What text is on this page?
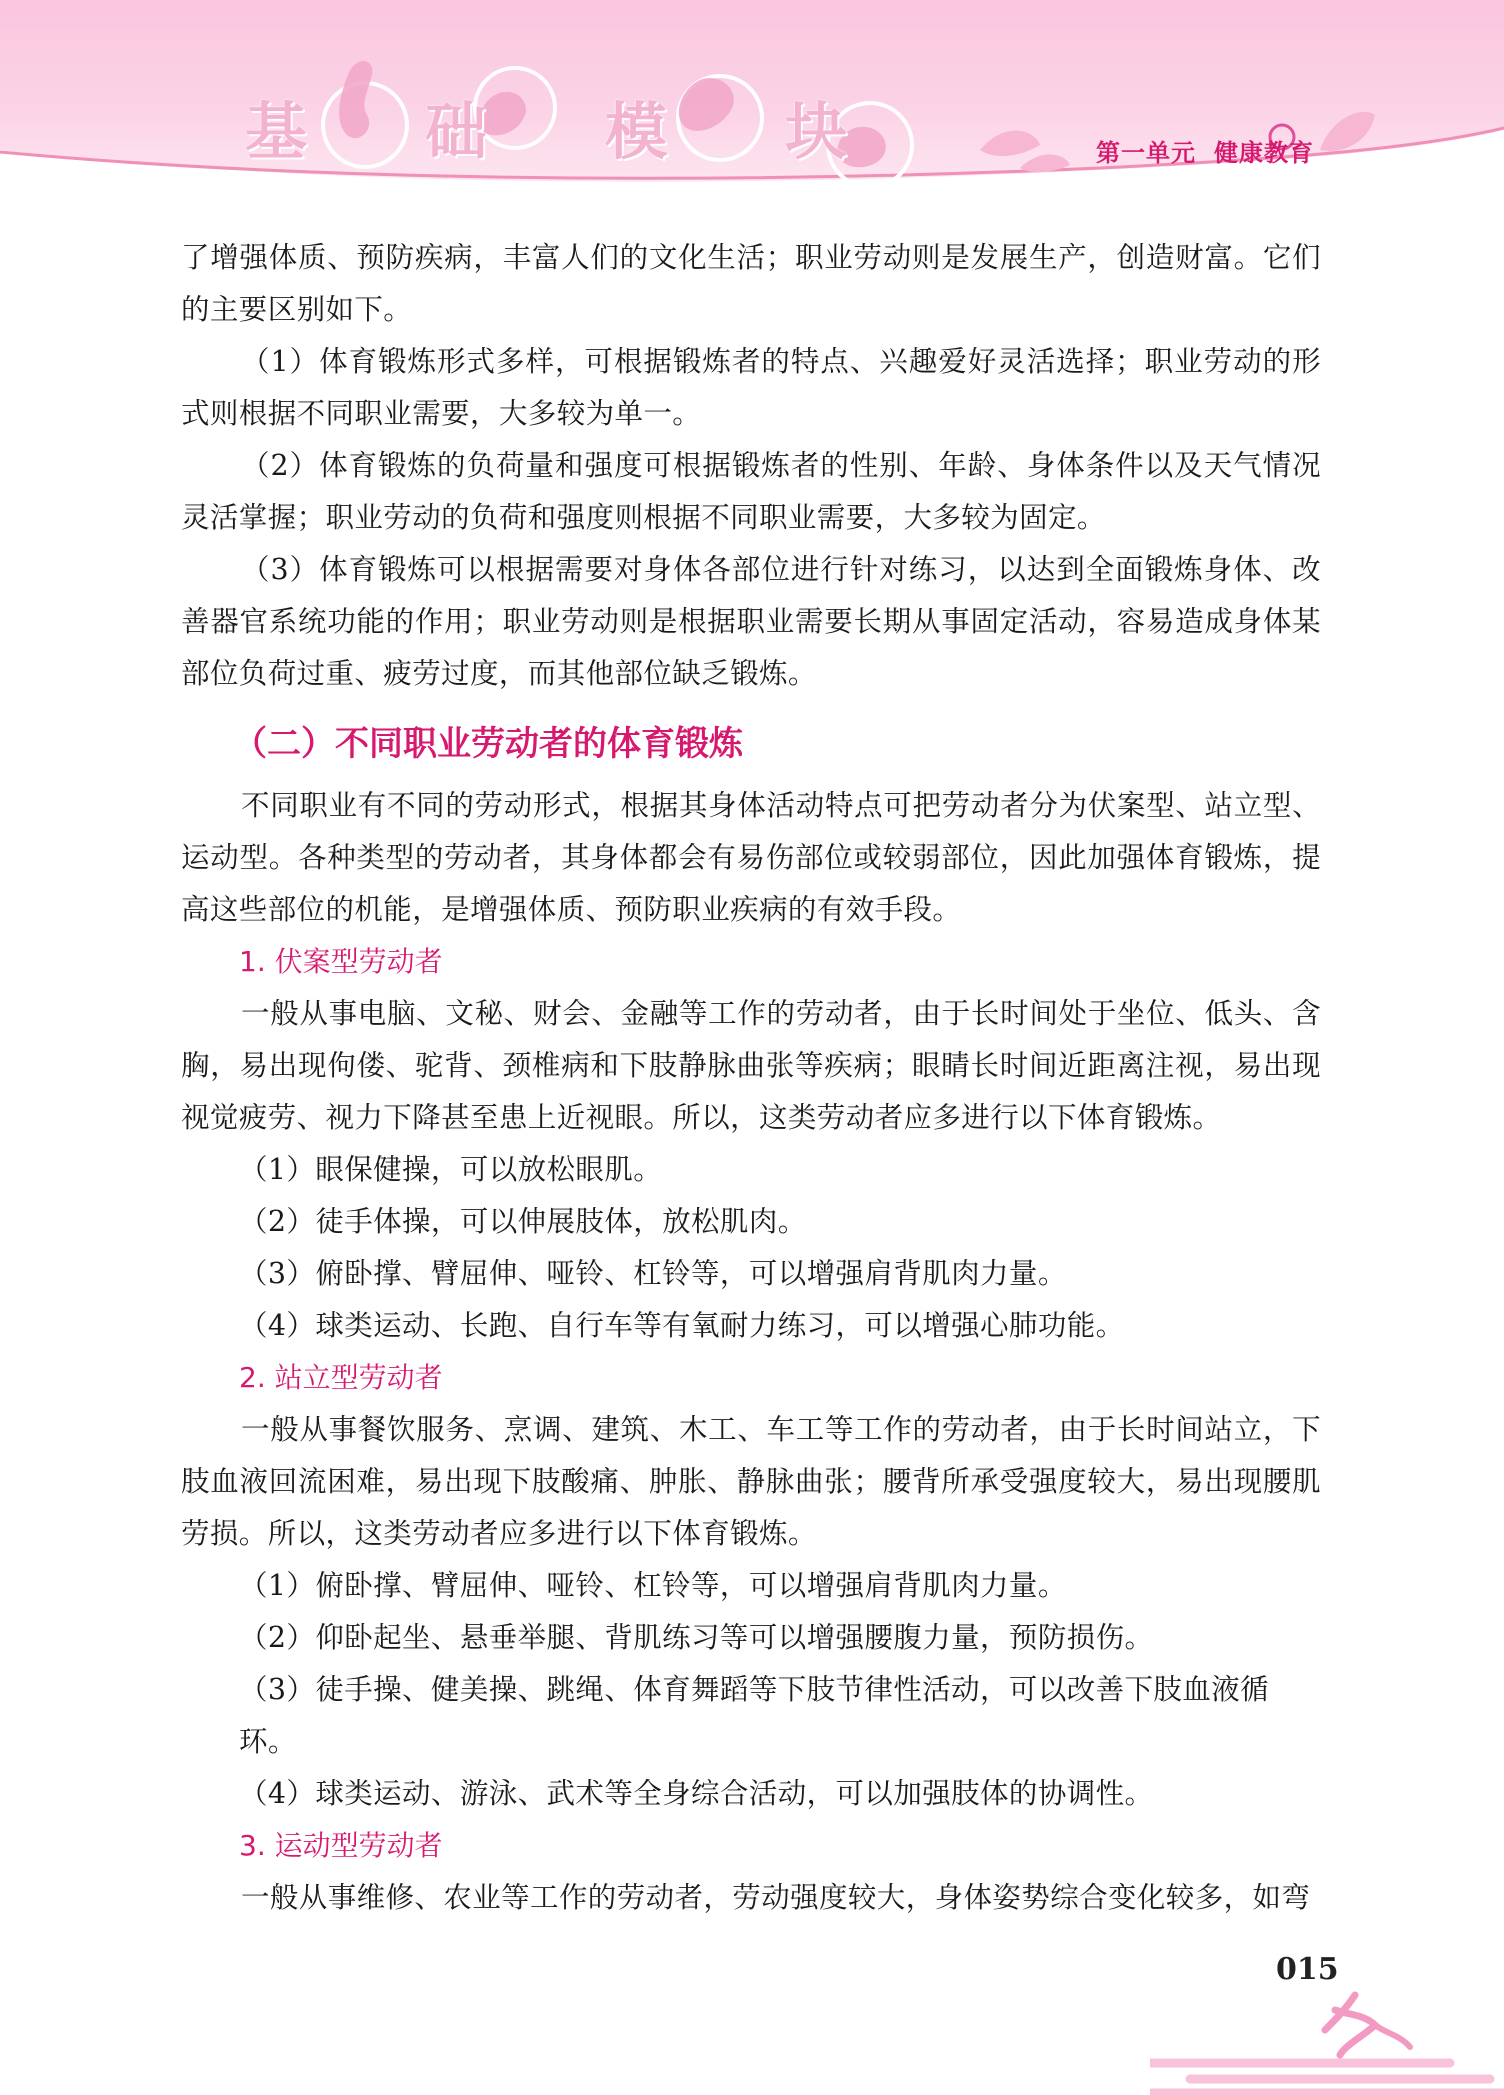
基 础 模 块	第一单元 健康教育

了增强体质、预防疾病，丰富人们的文化生活；职业劳动则是发展生产，创造财富。它们的主要区别如下。

（1）体育锻炼形式多样，可根据锻炼者的特点、兴趣爱好灵活选择；职业劳动的形式则根据不同职业需要，大多较为单一。

（2）体育锻炼的负荷量和强度可根据锻炼者的性别、年龄、身体条件以及天气情况灵活掌握；职业劳动的负荷和强度则根据不同职业需要，大多较为固定。

（3）体育锻炼可以根据需要对身体各部位进行针对练习，以达到全面锻炼身体、改善器官系统功能的作用；职业劳动则是根据职业需要长期从事固定活动，容易造成身体某部位负荷过重、疲劳过度，而其他部位缺乏锻炼。

（二）不同职业劳动者的体育锻炼

不同职业有不同的劳动形式，根据其身体活动特点可把劳动者分为伏案型、站立型、运动型。各种类型的劳动者，其身体都会有易伤部位或较弱部位，因此加强体育锻炼，提高这些部位的机能，是增强体质、预防职业疾病的有效手段。

1. 伏案型劳动者

一般从事电脑、文秘、财会、金融等工作的劳动者，由于长时间处于坐位、低头、含胸，易出现佝偻、驼背、颈椎病和下肢静脉曲张等疾病；眼睛长时间近距离注视，易出现视觉疲劳、视力下降甚至患上近视眼。所以，这类劳动者应多进行以下体育锻炼。

（1）眼保健操，可以放松眼肌。

（2）徒手体操，可以伸展肢体，放松肌肉。

（3）俯卧撑、臂屈伸、哑铃、杠铃等，可以增强肩背肌肉力量。

（4）球类运动、长跑、自行车等有氧耐力练习，可以增强心肺功能。

2. 站立型劳动者

一般从事餐饮服务、烹调、建筑、木工、车工等工作的劳动者，由于长时间站立，下肢血液回流困难，易出现下肢酸痛、肿胀、静脉曲张；腰背所承受强度较大，易出现腰肌劳损。所以，这类劳动者应多进行以下体育锻炼。

（1）俯卧撑、臂屈伸、哑铃、杠铃等，可以增强肩背肌肉力量。

（2）仰卧起坐、悬垂举腿、背肌练习等可以增强腰腹力量，预防损伤。

（3）徒手操、健美操、跳绳、体育舞蹈等下肢节律性活动，可以改善下肢血液循环。

（4）球类运动、游泳、武术等全身综合活动，可以加强肢体的协调性。

3. 运动型劳动者

一般从事维修、农业等工作的劳动者，劳动强度较大，身体姿势综合变化较多，如弯

015
